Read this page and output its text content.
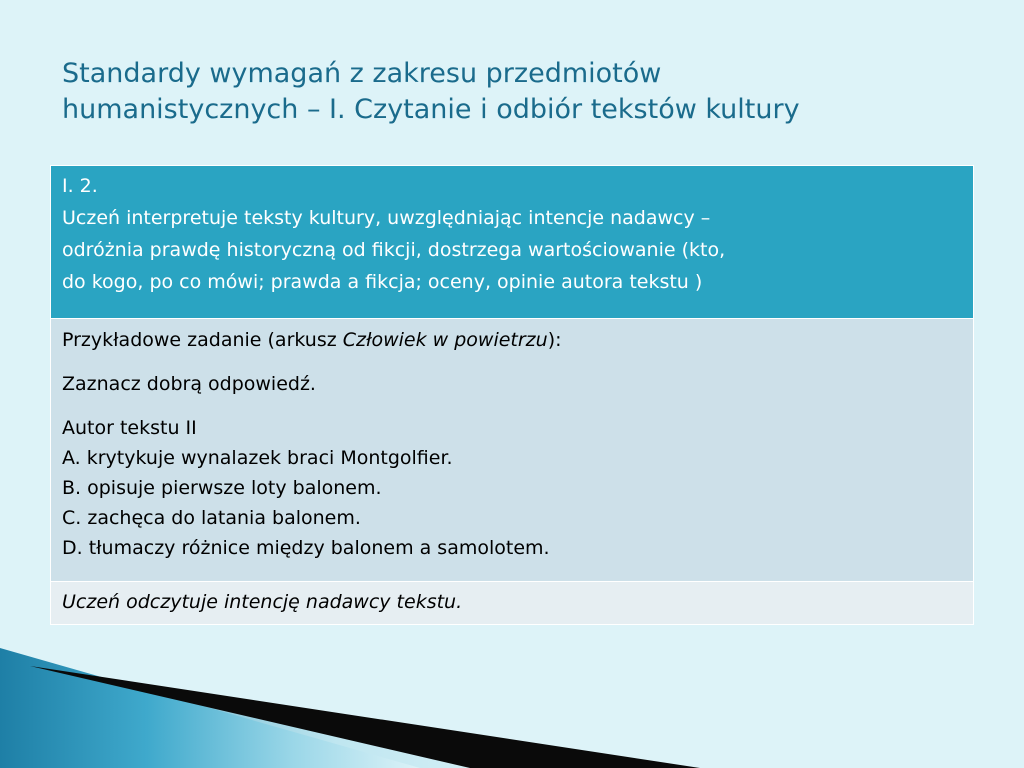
Standardy wymagań z zakresu przedmiotów
humanistycznych – I. Czytanie i odbiór tekstów kultury
I. 2.
Uczeń interpretuje teksty kultury, uwzględniając intencje nadawcy –
odróżnia prawdę historyczną od fikcji, dostrzega wartościowanie (kto,
do kogo, po co mówi; prawda a fikcja; oceny, opinie autora tekstu )

Przykładowe zadanie (arkusz Człowiek w powietrzu):
Zaznacz dobrą odpowiedź.
Autor tekstu II
A. krytykuje wynalazek braci Montgolfier.
B. opisuje pierwsze loty balonem.
C. zachęca do latania balonem.
D. tłumaczy różnice między balonem a samolotem.

Uczeń odczytuje intencję nadawcy tekstu.
